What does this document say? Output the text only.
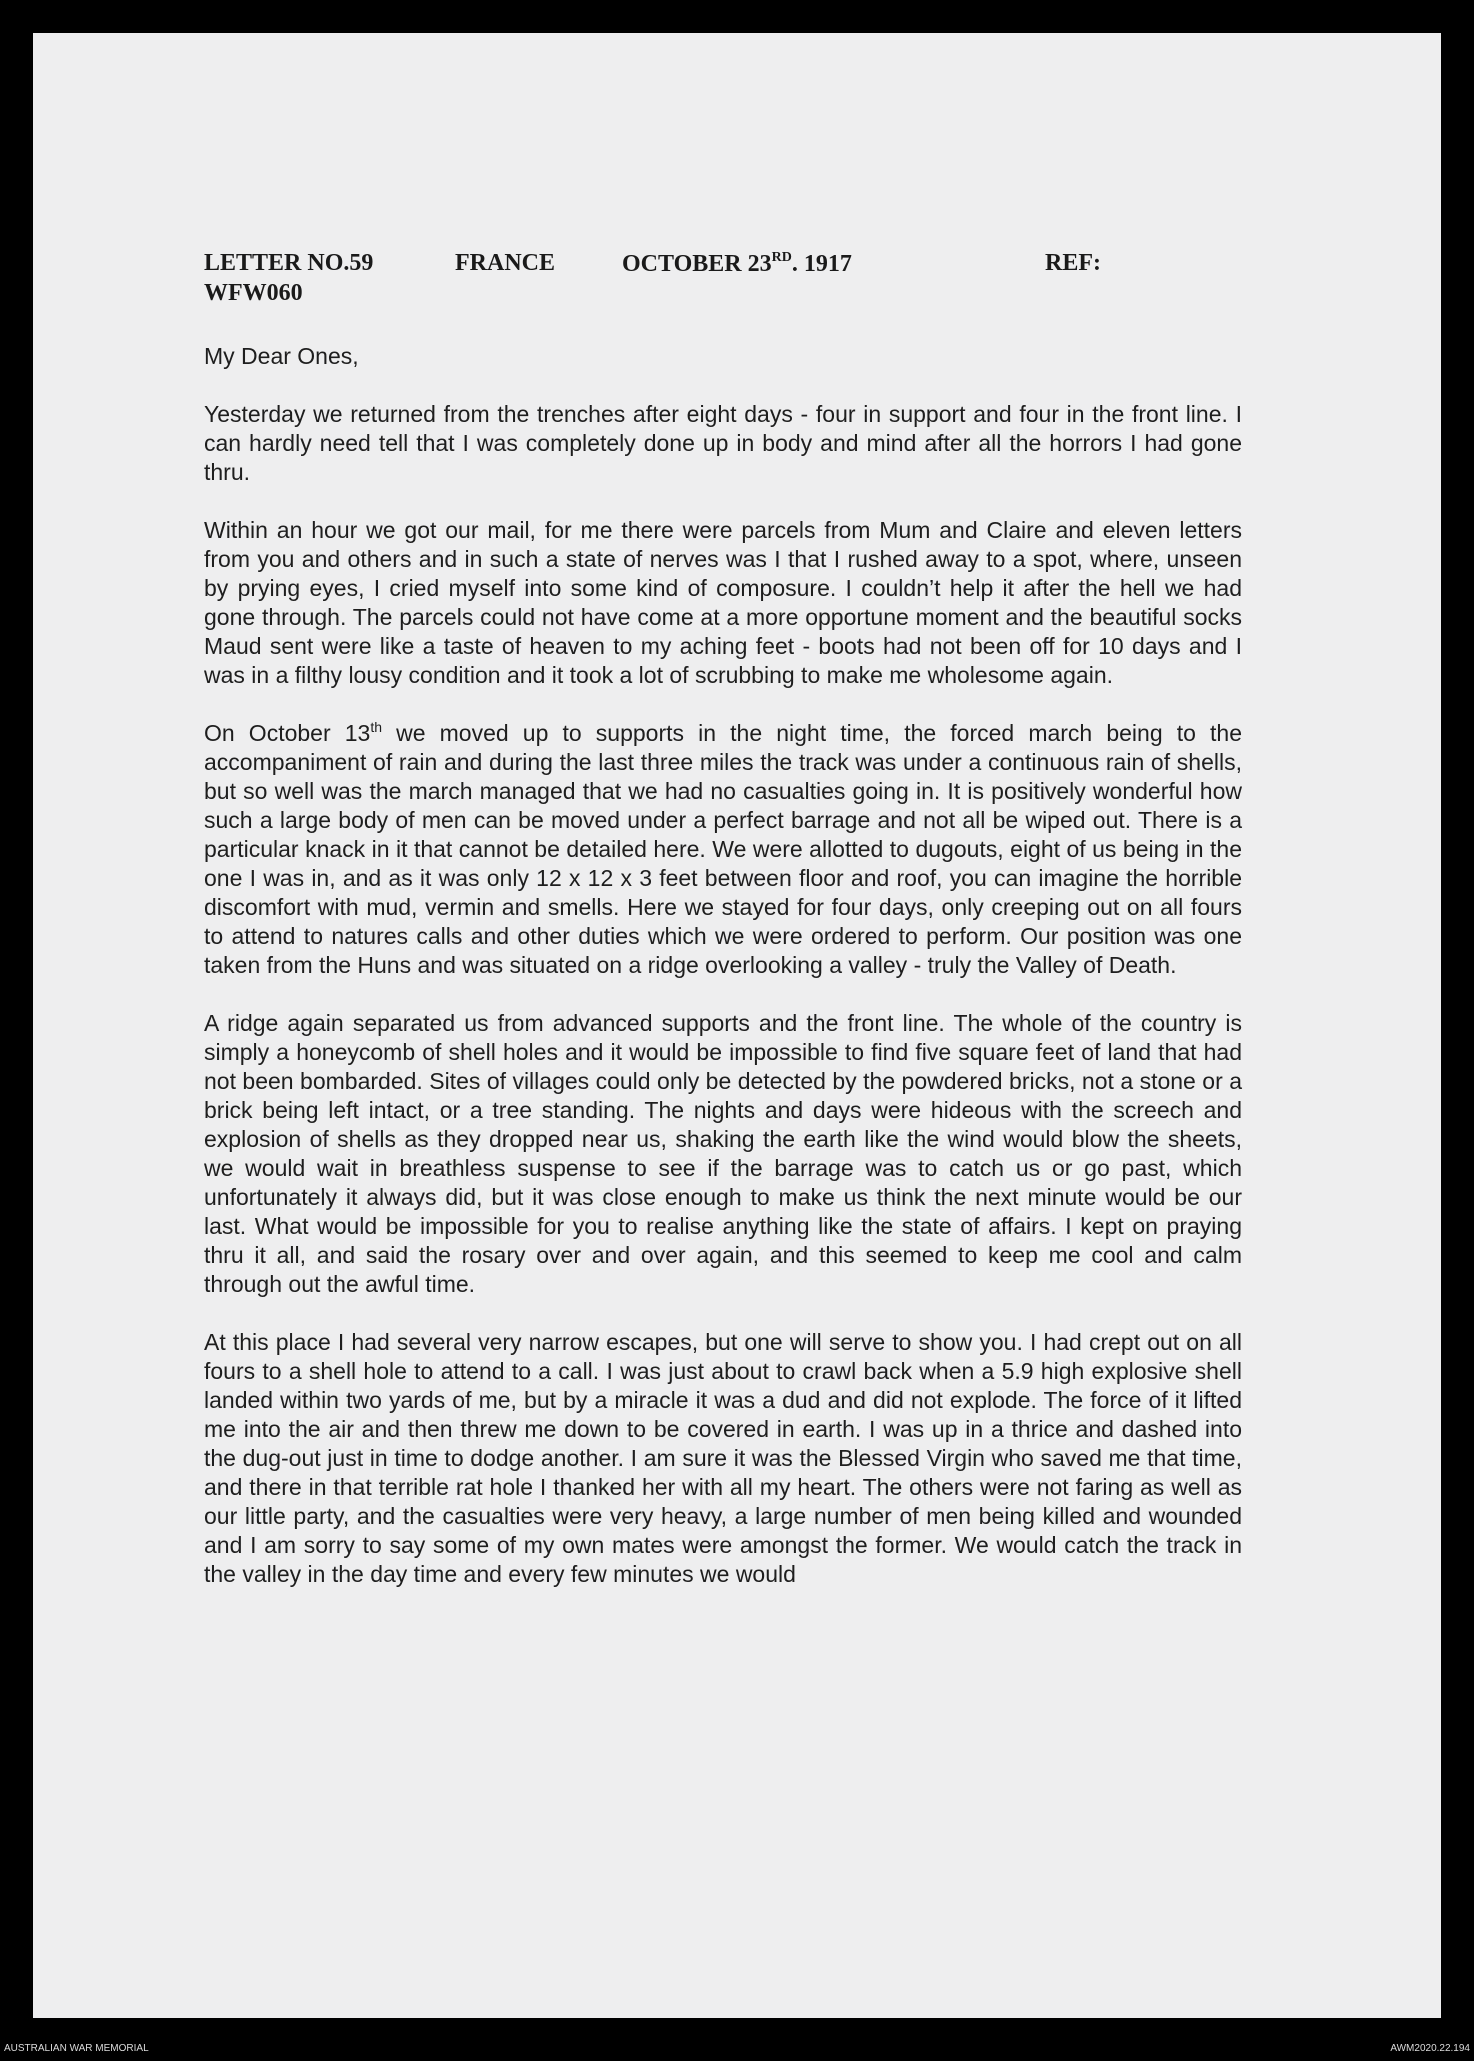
LETTER NO.59	FRANCE	OCTOBER 23RD. 1917	REF:
WFW060

My Dear Ones,

Yesterday we returned from the trenches after eight days - four in support and four in the front line. I can hardly need tell that I was completely done up in body and mind after all the horrors I had gone thru.

Within an hour we got our mail, for me there were parcels from Mum and Claire and eleven letters from you and others and in such a state of nerves was I that I rushed away to a spot, where, unseen by prying eyes, I cried myself into some kind of composure. I couldn’t help it after the hell we had gone through. The parcels could not have come at a more opportune moment and the beautiful socks Maud sent were like a taste of heaven to my aching feet - boots had not been off for 10 days and I was in a filthy lousy condition and it took a lot of scrubbing to make me wholesome again.

On October 13th we moved up to supports in the night time, the forced march being to the accompaniment of rain and during the last three miles the track was under a continuous rain of shells, but so well was the march managed that we had no casualties going in. It is positively wonderful how such a large body of men can be moved under a perfect barrage and not all be wiped out. There is a particular knack in it that cannot be detailed here. We were allotted to dugouts, eight of us being in the one I was in, and as it was only 12 x 12 x 3 feet between floor and roof, you can imagine the horrible discomfort with mud, vermin and smells. Here we stayed for four days, only creeping out on all fours to attend to natures calls and other duties which we were ordered to perform. Our position was one taken from the Huns and was situated on a ridge overlooking a valley - truly the Valley of Death.

A ridge again separated us from advanced supports and the front line. The whole of the country is simply a honeycomb of shell holes and it would be impossible to find five square feet of land that had not been bombarded. Sites of villages could only be detected by the powdered bricks, not a stone or a brick being left intact, or a tree standing. The nights and days were hideous with the screech and explosion of shells as they dropped near us, shaking the earth like the wind would blow the sheets, we would wait in breathless suspense to see if the barrage was to catch us or go past, which unfortunately it always did, but it was close enough to make us think the next minute would be our last. What would be impossible for you to realise anything like the state of affairs. I kept on praying thru it all, and said the rosary over and over again, and this seemed to keep me cool and calm through out the awful time.

At this place I had several very narrow escapes, but one will serve to show you. I had crept out on all fours to a shell hole to attend to a call. I was just about to crawl back when a 5.9 high explosive shell landed within two yards of me, but by a miracle it was a dud and did not explode. The force of it lifted me into the air and then threw me down to be covered in earth. I was up in a thrice and dashed into the dug-out just in time to dodge another. I am sure it was the Blessed Virgin who saved me that time, and there in that terrible rat hole I thanked her with all my heart. The others were not faring as well as our little party, and the casualties were very heavy, a large number of men being killed and wounded and I am sorry to say some of my own mates were amongst the former. We would catch the track in the valley in the day time and every few minutes we would

AUSTRALIAN WAR MEMORIAL	AWM2020.22.194
